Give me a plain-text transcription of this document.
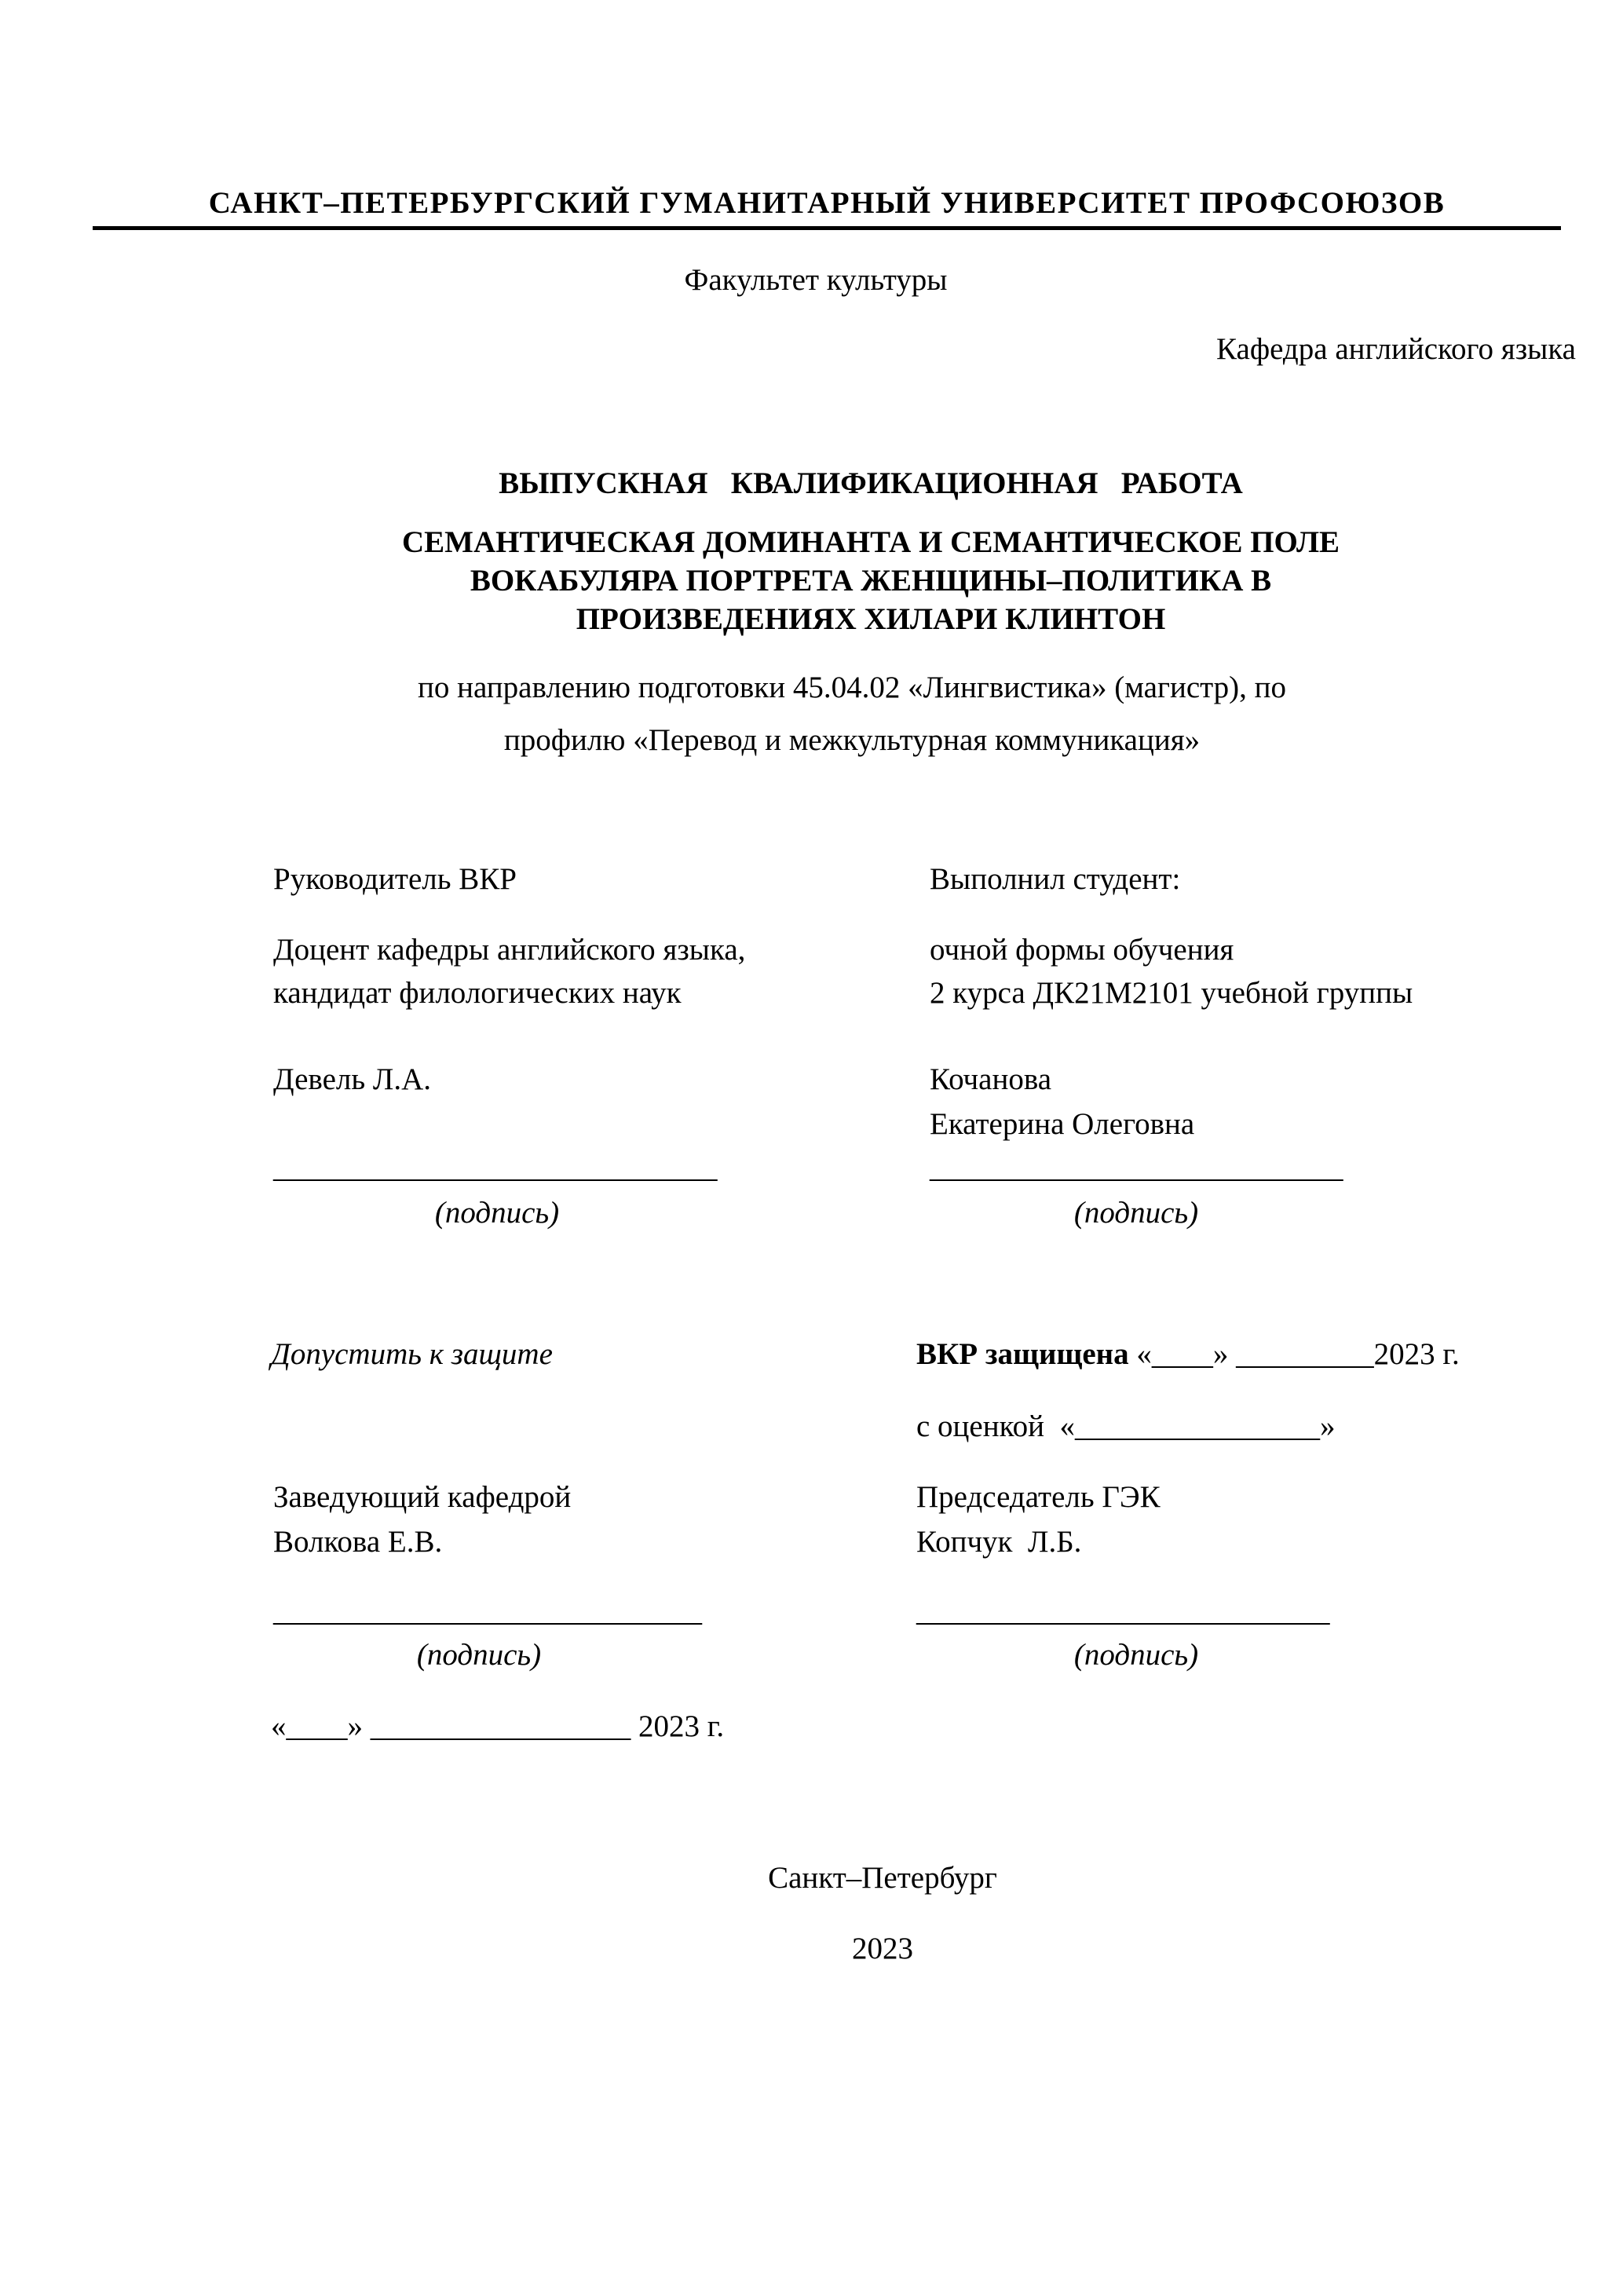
САНКТ–ПЕТЕРБУРГСКИЙ ГУМАНИТАРНЫЙ УНИВЕРСИТЕТ ПРОФСОЮЗОВ
Факультет культуры
Кафедра английского языка
ВЫПУСКНАЯ   КВАЛИФИКАЦИОННАЯ   РАБОТА
СЕМАНТИЧЕСКАЯ ДОМИНАНТА И СЕМАНТИЧЕСКОЕ ПОЛЕ
ВОКАБУЛЯРА ПОРТРЕТА ЖЕНЩИНЫ–ПОЛИТИКА В
ПРОИЗВЕДЕНИЯХ ХИЛАРИ КЛИНТОН
по направлению подготовки 45.04.02 «Лингвистика» (магистр), по
профилю «Перевод и межкультурная коммуникация»
Руководитель ВКР
Доцент кафедры английского языка,
кандидат филологических наук
Девель Л.А.
_____________________________
(подпись)
Выполнил студент:
очной формы обучения
2 курса ДК21М2101 учебной группы
Кочанова
Екатерина Олеговна
___________________________
(подпись)
Допустить к защите
Заведующий кафедрой
Волкова Е.В.
____________________________
(подпись)
«____» _________________ 2023 г.
ВКР защищена «____» _________2023 г.
с оценкой  «________________»
Председатель ГЭК
Копчук  Л.Б.
___________________________
(подпись)
Санкт–Петербург
2023
